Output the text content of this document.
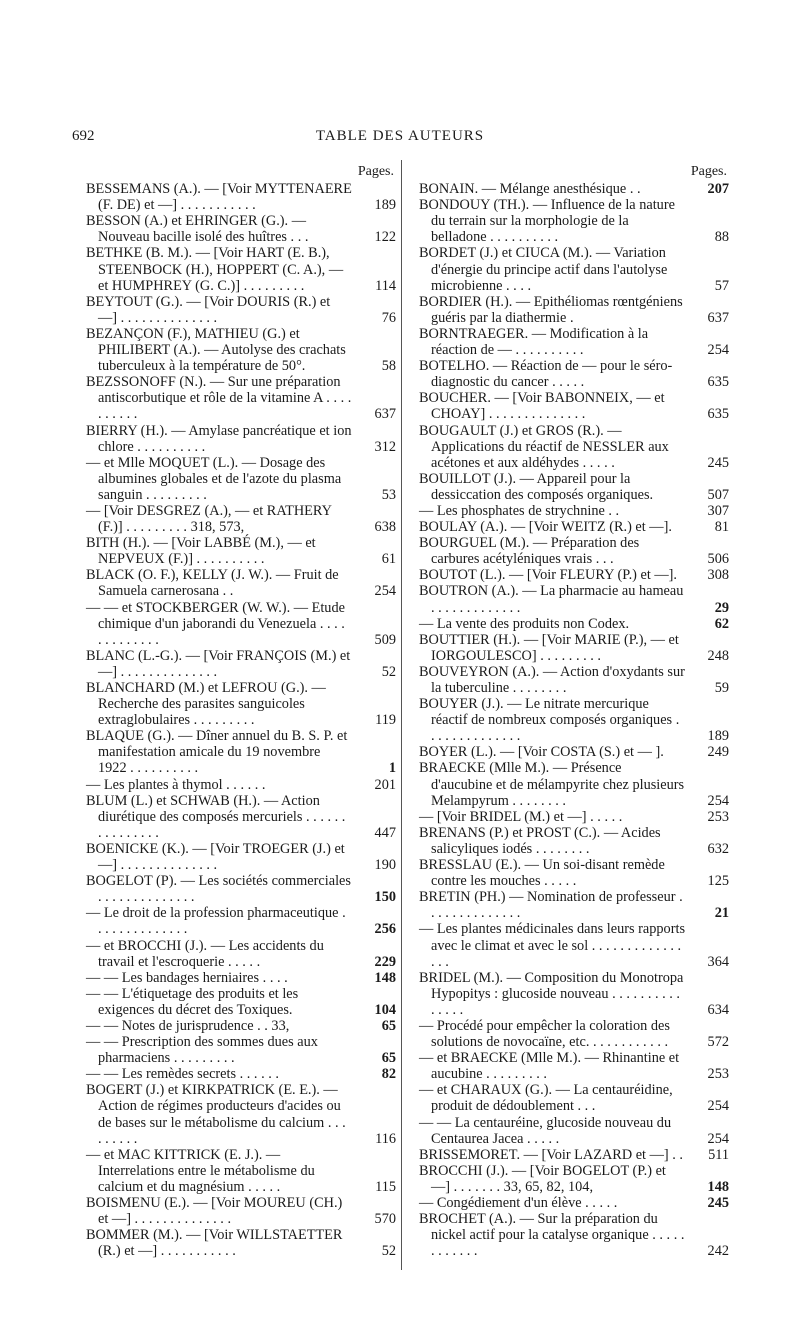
692	TABLE DES AUTEURS
Pages.
BESSEMANS (A.). — [Voir MYTTENAERE (F. DE) et —] . . . . . . . . . . .	189
BESSON (A.) et EHRINGER (G.). — Nouveau bacille isolé des huîtres . . .	122
BETHKE (B. M.). — [Voir HART (E. B.), STEENBOCK (H.), HOPPERT (C. A.), — et HUMPHREY (G. C.)] . . . . . . . . .	114
BEYTOUT (G.). — [Voir DOURIS (R.) et —] . . . . . . . . . . . . . .	76
BEZANÇON (F.), MATHIEU (G.) et PHILIBERT (A.). — Autolyse des crachats tuberculeux à la température de 50°.	58
BEZSSONOFF (N.). — Sur une préparation antiscorbutique et rôle de la vitamine A . . . . . . . . . .	637
BIERRY (H.). — Amylase pancréatique et ion chlore . . . . . . . . . .	312
— et Mlle MOQUET (L.). — Dosage des albumines globales et de l'azote du plasma sanguin . . . . . . . . .	53
— [Voir DESGREZ (A.), — et RATHERY (F.)] . . . . . . . . . 318, 573,	638
BITH (H.). — [Voir LABBÉ (M.), — et NEPVEUX (F.)] . . . . . . . . . .	61
BLACK (O. F.), KELLY (J. W.). — Fruit de Samuela carnerosana . .	254
— — et STOCKBERGER (W. W.). — Etude chimique d'un jaborandi du Venezuela . . . . . . . . . . . . .	509
BLANC (L.-G.). — [Voir FRANÇOIS (M.) et —] . . . . . . . . . . . . . .	52
BLANCHARD (M.) et LEFROU (G.). — Recherche des parasites sanguicoles extraglobulaires . . . . . . . . .	119
BLAQUE (G.). — Dîner annuel du B. S. P. et manifestation amicale du 19 novembre 1922 . . . . . . . . . .	1
— Les plantes à thymol . . . . . .	201
BLUM (L.) et SCHWAB (H.). — Action diurétique des composés mercuriels . . . . . . . . . . . . . . .	447
BOENICKE (K.). — [Voir TROEGER (J.) et —] . . . . . . . . . . . . . .	190
BOGELOT (P). — Les sociétés commerciales . . . . . . . . . . . . . .	150
— Le droit de la profession pharmaceutique . . . . . . . . . . . . . .	256
— et BROCCHI (J.). — Les accidents du travail et l'escroquerie . . . . .	229
— — Les bandages herniaires . . . .	148
— — L'étiquetage des produits et les exigences du décret des Toxiques.	104
— — Notes de jurisprudence . . 33,	65
— — Prescription des sommes dues aux pharmaciens . . . . . . . . .	65
— — Les remèdes secrets . . . . . .	82
BOGERT (J.) et KIRKPATRICK (E. E.). — Action de régimes producteurs d'acides ou de bases sur le métabolisme du calcium . . . . . . . . .	116
— et MAC KITTRICK (E. J.). — Interrelations entre le métabolisme du calcium et du magnésium . . . . .	115
BOISMENU (E.). — [Voir MOUREU (CH.) et —] . . . . . . . . . . . . . .	570
BOMMER (M.). — [Voir WILLSTAETTER (R.) et —] . . . . . . . . . . .	52
Pages.
BONAIN. — Mélange anesthésique . .	207
BONDOUY (TH.). — Influence de la nature du terrain sur la morphologie de la belladone . . . . . . . . . .	88
BORDET (J.) et CIUCA (M.). — Variation d'énergie du principe actif dans l'autolyse microbienne . . . .	57
BORDIER (H.). — Epithéliomas rœntgéniens guéris par la diathermie .	637
BORNTRAEGER. — Modification à la réaction de — . . . . . . . . . .	254
BOTELHO. — Réaction de — pour le séro-diagnostic du cancer . . . . .	635
BOUCHER. — [Voir BABONNEIX, — et CHOAY] . . . . . . . . . . . . . .	635
BOUGAULT (J.) et GROS (R.). — Applications du réactif de NESSLER aux acétones et aux aldéhydes . . . . .	245
BOUILLOT (J.). — Appareil pour la dessiccation des composés organiques.	507
— Les phosphates de strychnine . .	307
BOULAY (A.). — [Voir WEITZ (R.) et —].	81
BOURGUEL (M.). — Préparation des carbures acétyléniques vrais . . .	506
BOUTOT (L.). — [Voir FLEURY (P.) et —]. 308
BOUTRON (A.). — La pharmacie au hameau . . . . . . . . . . . . .	29
— La vente des produits non Codex.	62
BOUTTIER (H.). — [Voir MARIE (P.), — et IORGOULESCO] . . . . . . . . .	248
BOUVEYRON (A.). — Action d'oxydants sur la tuberculine . . . . . . . .	59
BOUYER (J.). — Le nitrate mercurique réactif de nombreux composés organiques . . . . . . . . . . . . . .	189
BOYER (L.). — [Voir COSTA (S.) et — ].	249
BRAECKE (Mlle M.). — Présence d'aucubine et de mélampyrite chez plusieurs Melampyrum . . . . . . . .	254
— [Voir BRIDEL (M.) et —] . . . . .	253
BRENANS (P.) et PROST (C.). — Acides salicyliques iodés . . . . . . . .	632
BRESSLAU (E.). — Un soi-disant remède contre les mouches . . . . .	125
BRETIN (PH.) — Nomination de professeur . . . . . . . . . . . . . .	21
— Les plantes médicinales dans leurs rapports avec le climat et avec le sol . . . . . . . . . . . . . . . .	364
BRIDEL (M.). — Composition du Monotropa Hypopitys : glucoside nouveau . . . . . . . . . . . . . . .	634
— Procédé pour empêcher la coloration des solutions de novocaïne, etc. . . . . . . . . . . .	572
— et BRAECKE (Mlle M.). — Rhinantine et aucubine . . . . . . . . .	253
— et CHARAUX (G.). — La centauréidine, produit de dédoublement . . .	254
— — La centauréine, glucoside nouveau du Centaurea Jacea . . . . .	254
BRISSEMORET. — [Voir LAZARD et —] . . 511
BROCCHI (J.). — [Voir BOGELOT (P.) et —] . . . . . . . 33, 65, 82, 104,	148
— Congédiement d'un élève . . . . .	245
BROCHET (A.). — Sur la préparation du nickel actif pour la catalyse organique . . . . . . . . . . . .	242
